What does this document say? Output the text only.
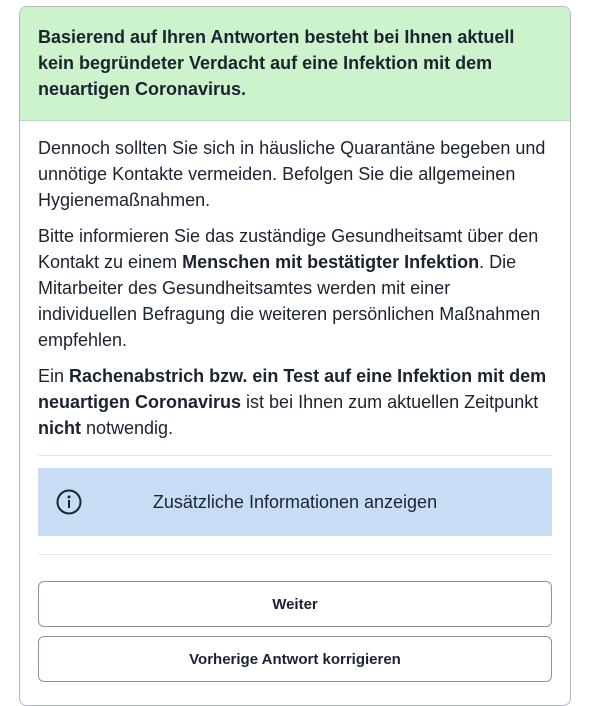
Basierend auf Ihren Antworten besteht bei Ihnen aktuell kein begründeter Verdacht auf eine Infektion mit dem neuartigen Coronavirus.

Dennoch sollten Sie sich in häusliche Quarantäne begeben und unnötige Kontakte vermeiden. Befolgen Sie die allgemeinen Hygienemaßnahmen.

Bitte informieren Sie das zuständige Gesundheitsamt über den Kontakt zu einem Menschen mit bestätigter Infektion. Die Mitarbeiter des Gesundheitsamtes werden mit einer individuellen Befragung die weiteren persönlichen Maßnahmen empfehlen.

Ein Rachenabstrich bzw. ein Test auf eine Infektion mit dem neuartigen Coronavirus ist bei Ihnen zum aktuellen Zeitpunkt nicht notwendig.

Zusätzliche Informationen anzeigen
Weiter
Vorherige Antwort korrigieren
